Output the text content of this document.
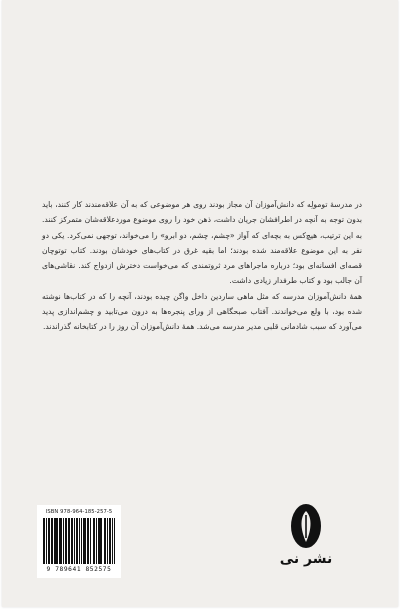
در مدرسهٔ تومولِه که دانش‌آموزان آن مجاز بودند روی هر موضوعی که به آن علاقه‌مندند کار کنند، باید بدون توجه به آنچه در اطرافشان جریان داشت، ذهن خود را روی موضوع موردعلاقه‌شان متمرکز کنند. به این ترتیب، هیچ‌کس به بچه‌ای که آواز «چشم، چشم، دو ابرو» را می‌خواند، توجهی نمی‌کرد. یکی دو نفر به این موضوع علاقه‌مند شده بودند؛ اما بقیه غرق در کتاب‌های خودشان بودند. کتاب توتوچان قصه‌ای افسانه‌ای بود؛ درباره ماجراهای مرد ثروتمندی که می‌خواست دخترش ازدواج کند. نقاشی‌های آن جالب بود و کتاب طرفدار زیادی داشت.

همهٔ دانش‌آموزان مدرسه که مثل ماهی ساردین داخل واگن چیده بودند، آنچه را که در کتاب‌ها نوشته شده بود، با ولع می‌خواندند. آفتاب صبحگاهی از ورای پنجره‌ها به درون می‌تابید و چشم‌اندازی پدید می‌آورد که سبب شادمانی قلبی مدیر مدرسه می‌شد. همهٔ دانش‌آموزان آن روز را در کتابخانه گذراندند.

ISBN 978-964-185-257-5
9 789641 852575
نشر نی
